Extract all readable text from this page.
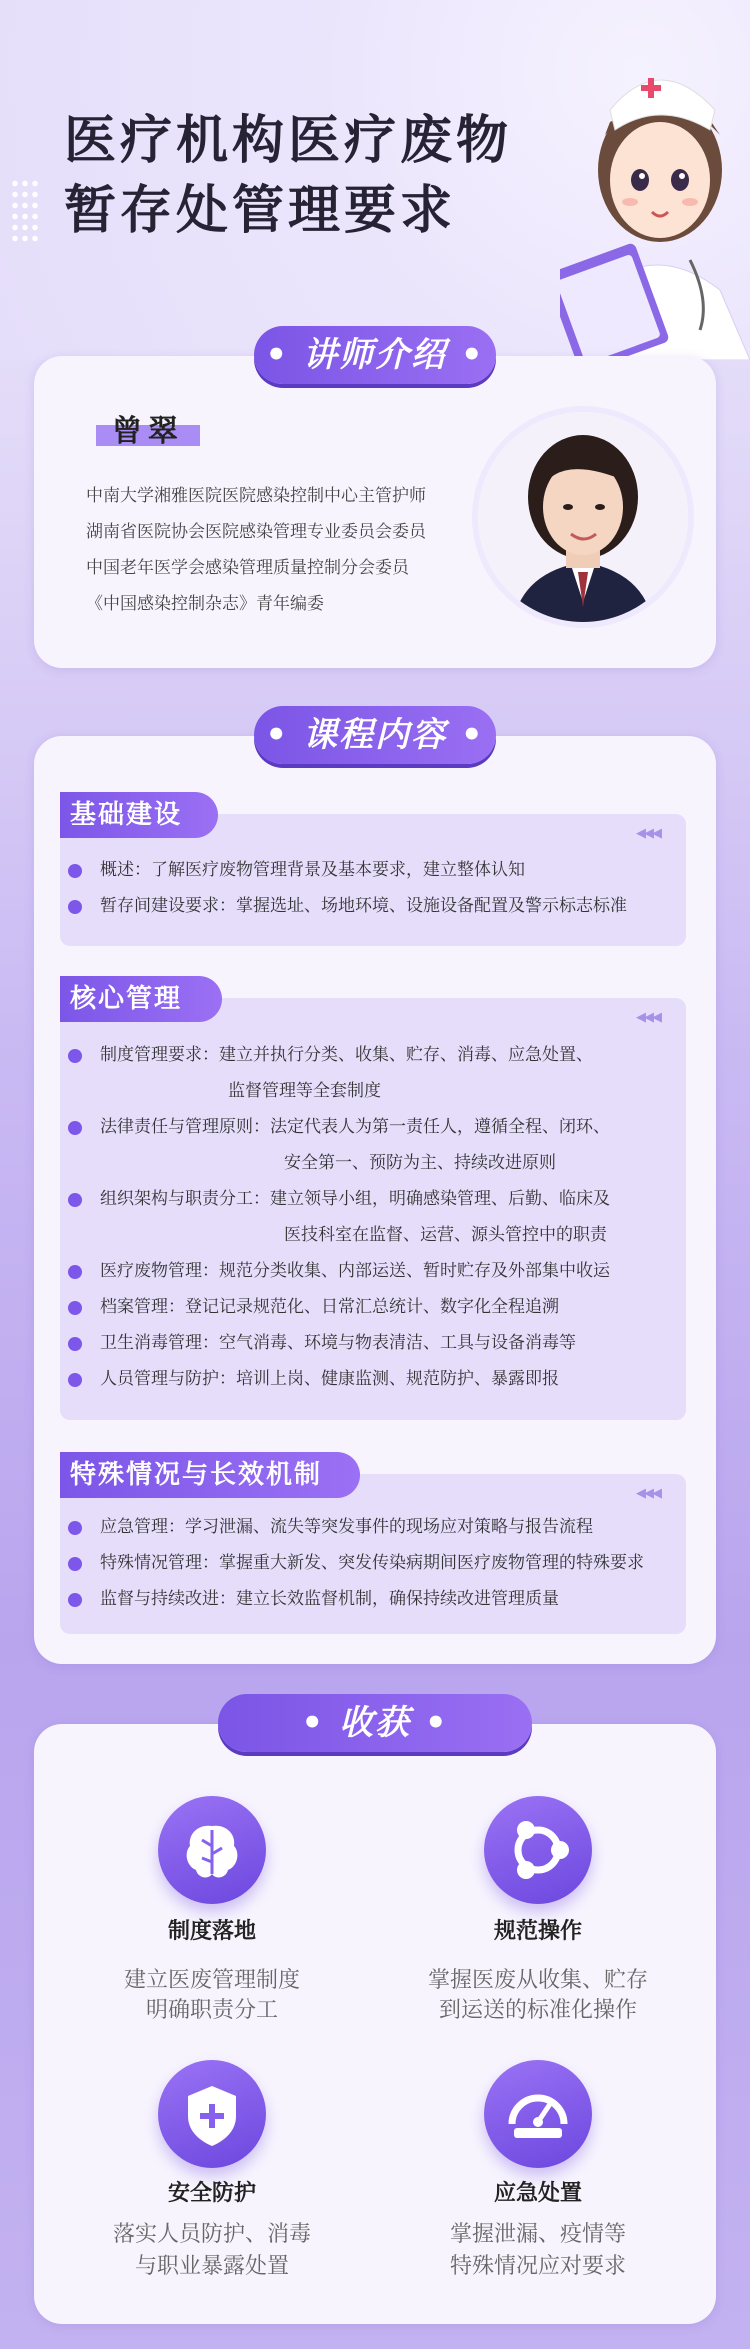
医疗机构医疗废物
暂存处管理要求
• 讲师介绍 •
曾翠
中南大学湘雅医院医院感染控制中心主管护师
湖南省医院协会医院感染管理专业委员会委员
中国老年医学会感染管理质量控制分会委员
《中国感染控制杂志》青年编委
• 课程内容 •
基础建设
◀◀◀
概述：了解医疗废物管理背景及基本要求，建立整体认知
暂存间建设要求：掌握选址、场地环境、设施设备配置及警示标志标准
核心管理
◀◀◀
制度管理要求：建立并执行分类、收集、贮存、消毒、应急处置、
监督管理等全套制度
法律责任与管理原则：法定代表人为第一责任人，遵循全程、闭环、
安全第一、预防为主、持续改进原则
组织架构与职责分工：建立领导小组，明确感染管理、后勤、临床及
医技科室在监督、运营、源头管控中的职责
医疗废物管理：规范分类收集、内部运送、暂时贮存及外部集中收运
档案管理：登记记录规范化、日常汇总统计、数字化全程追溯
卫生消毒管理：空气消毒、环境与物表清洁、工具与设备消毒等
人员管理与防护：培训上岗、健康监测、规范防护、暴露即报
特殊情况与长效机制
◀◀◀
应急管理：学习泄漏、流失等突发事件的现场应对策略与报告流程
特殊情况管理：掌握重大新发、突发传染病期间医疗废物管理的特殊要求
监督与持续改进：建立长效监督机制，确保持续改进管理质量
• 收获 •
制度落地
建立医废管理制度
明确职责分工
规范操作
掌握医废从收集、贮存
到运送的标准化操作
安全防护
落实人员防护、消毒
与职业暴露处置
应急处置
掌握泄漏、疫情等
特殊情况应对要求
